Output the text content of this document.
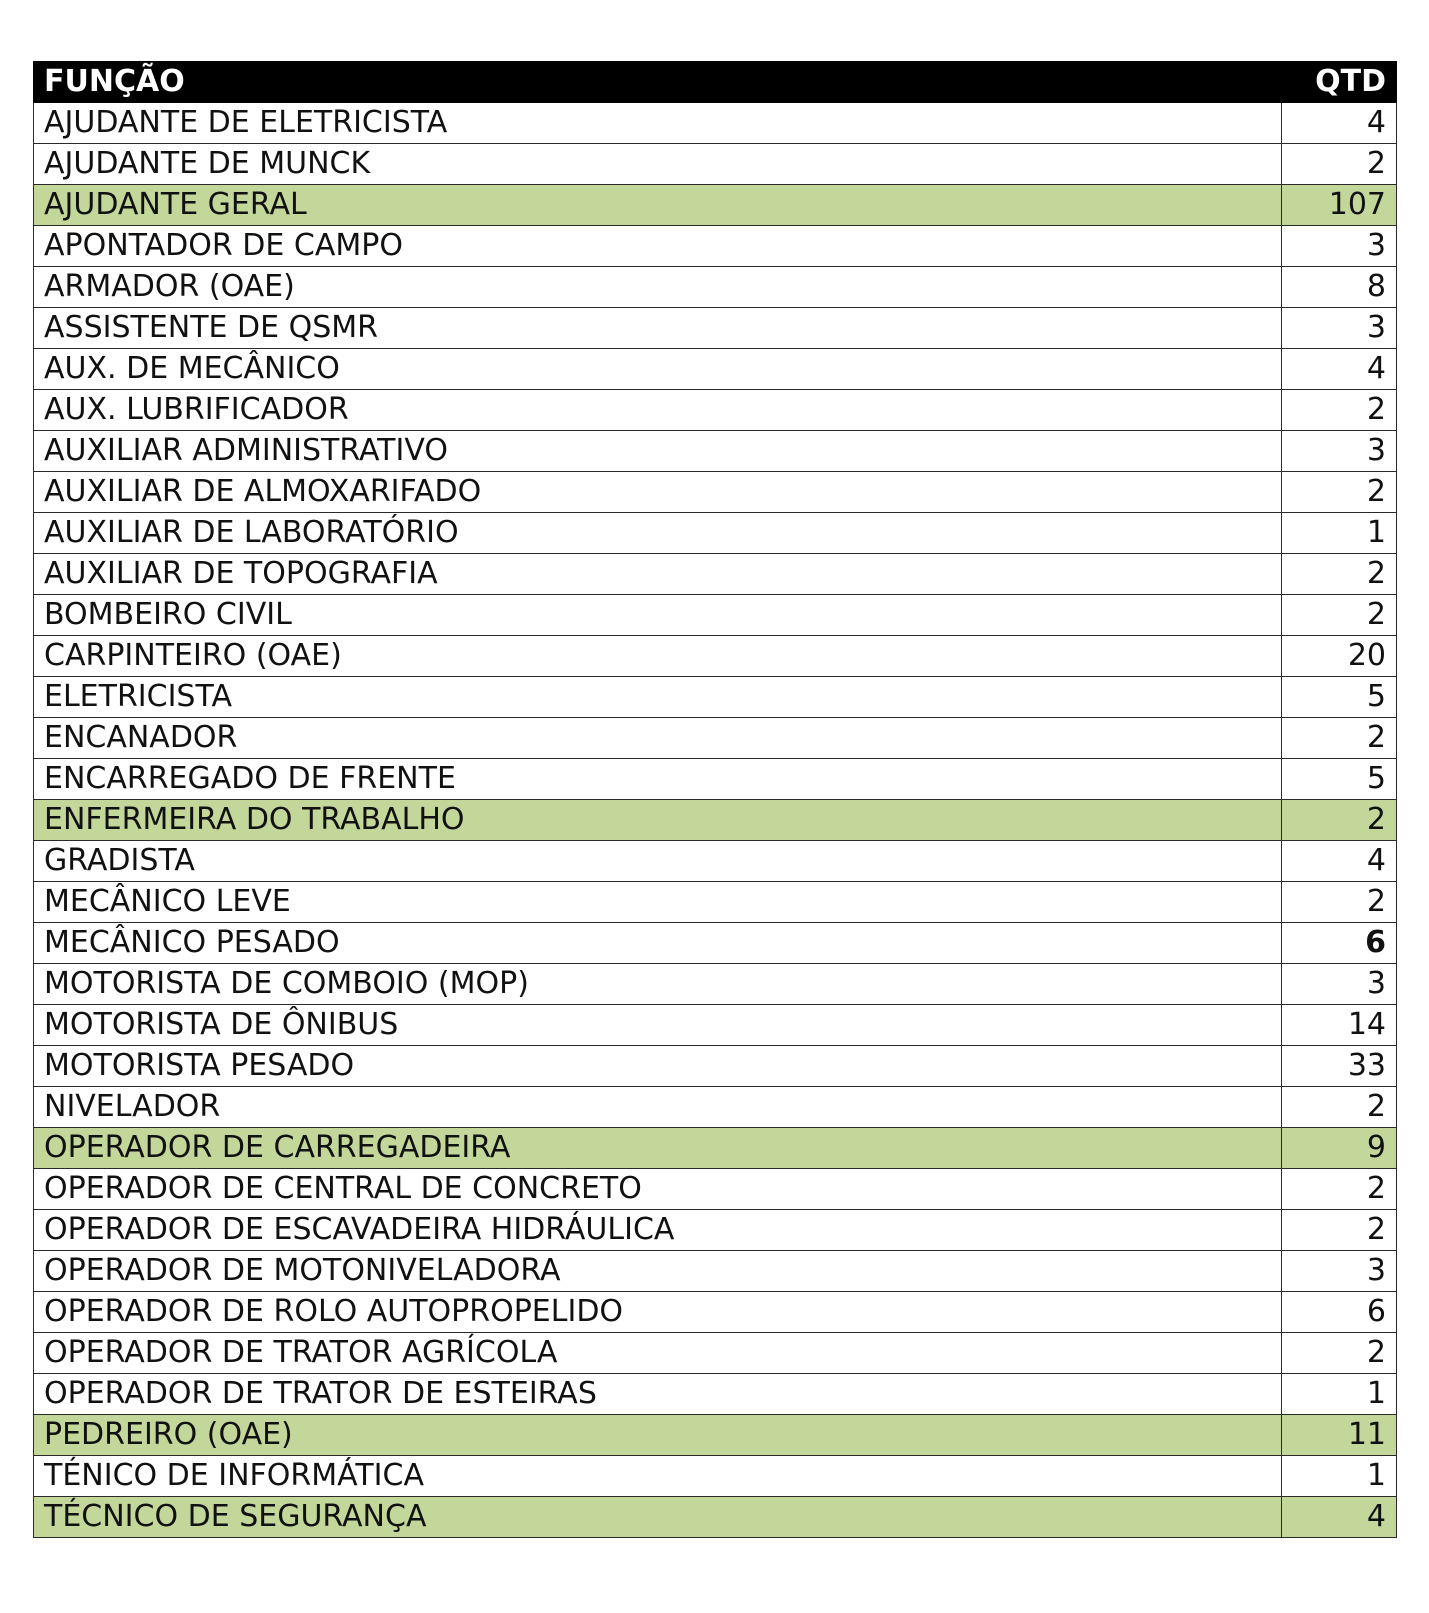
FUNÇÃO	QTD
AJUDANTE DE ELETRICISTA	4
AJUDANTE DE MUNCK	2
AJUDANTE GERAL	107
APONTADOR DE CAMPO	3
ARMADOR (OAE)	8
ASSISTENTE DE QSMR	3
AUX. DE MECÂNICO	4
AUX. LUBRIFICADOR	2
AUXILIAR ADMINISTRATIVO	3
AUXILIAR DE ALMOXARIFADO	2
AUXILIAR DE LABORATÓRIO	1
AUXILIAR DE TOPOGRAFIA	2
BOMBEIRO CIVIL	2
CARPINTEIRO (OAE)	20
ELETRICISTA	5
ENCANADOR	2
ENCARREGADO DE FRENTE	5
ENFERMEIRA DO TRABALHO	2
GRADISTA	4
MECÂNICO LEVE	2
MECÂNICO PESADO	6
MOTORISTA DE COMBOIO (MOP)	3
MOTORISTA DE ÔNIBUS	14
MOTORISTA PESADO	33
NIVELADOR	2
OPERADOR DE CARREGADEIRA	9
OPERADOR DE CENTRAL DE CONCRETO	2
OPERADOR DE ESCAVADEIRA HIDRÁULICA	2
OPERADOR DE MOTONIVELADORA	3
OPERADOR DE ROLO AUTOPROPELIDO	6
OPERADOR DE TRATOR AGRÍCOLA	2
OPERADOR DE TRATOR DE ESTEIRAS	1
PEDREIRO (OAE)	11
TÉNICO DE INFORMÁTICA	1
TÉCNICO DE SEGURANÇA	4
